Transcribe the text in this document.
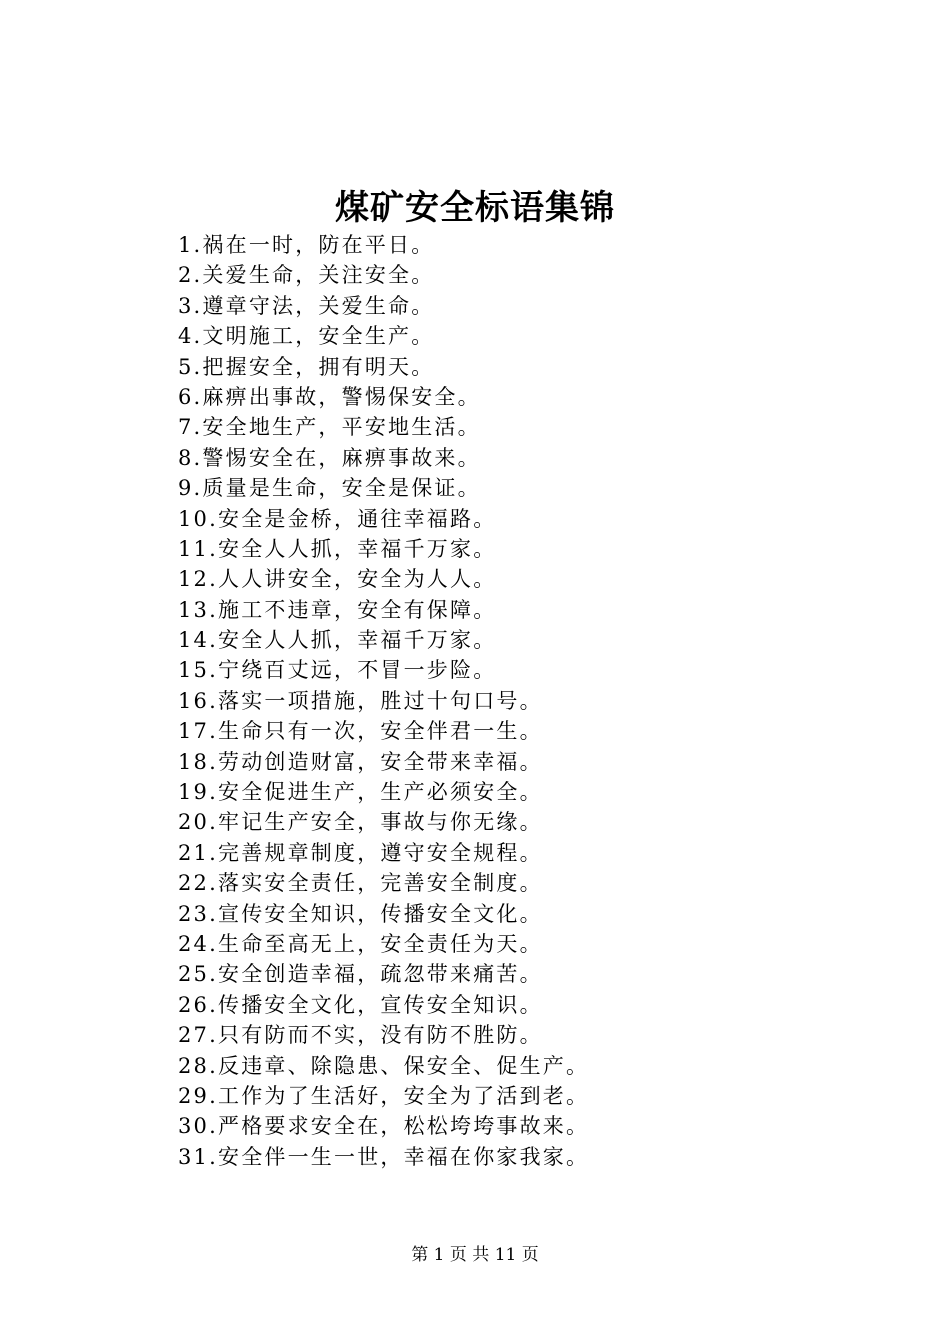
煤矿安全标语集锦
1.祸在一时，防在平日。
2.关爱生命，关注安全。
3.遵章守法，关爱生命。
4.文明施工，安全生产。
5.把握安全，拥有明天。
6.麻痹出事故，警惕保安全。
7.安全地生产，平安地生活。
8.警惕安全在，麻痹事故来。
9.质量是生命，安全是保证。
10.安全是金桥，通往幸福路。
11.安全人人抓，幸福千万家。
12.人人讲安全，安全为人人。
13.施工不违章，安全有保障。
14.安全人人抓，幸福千万家。
15.宁绕百丈远，不冒一步险。
16.落实一项措施，胜过十句口号。
17.生命只有一次，安全伴君一生。
18.劳动创造财富，安全带来幸福。
19.安全促进生产，生产必须安全。
20.牢记生产安全，事故与你无缘。
21.完善规章制度，遵守安全规程。
22.落实安全责任，完善安全制度。
23.宣传安全知识，传播安全文化。
24.生命至高无上，安全责任为天。
25.安全创造幸福，疏忽带来痛苦。
26.传播安全文化，宣传安全知识。
27.只有防而不实，没有防不胜防。
28.反违章、除隐患、保安全、促生产。
29.工作为了生活好，安全为了活到老。
30.严格要求安全在，松松垮垮事故来。
31.安全伴一生一世，幸福在你家我家。
第 1 页 共 11 页
